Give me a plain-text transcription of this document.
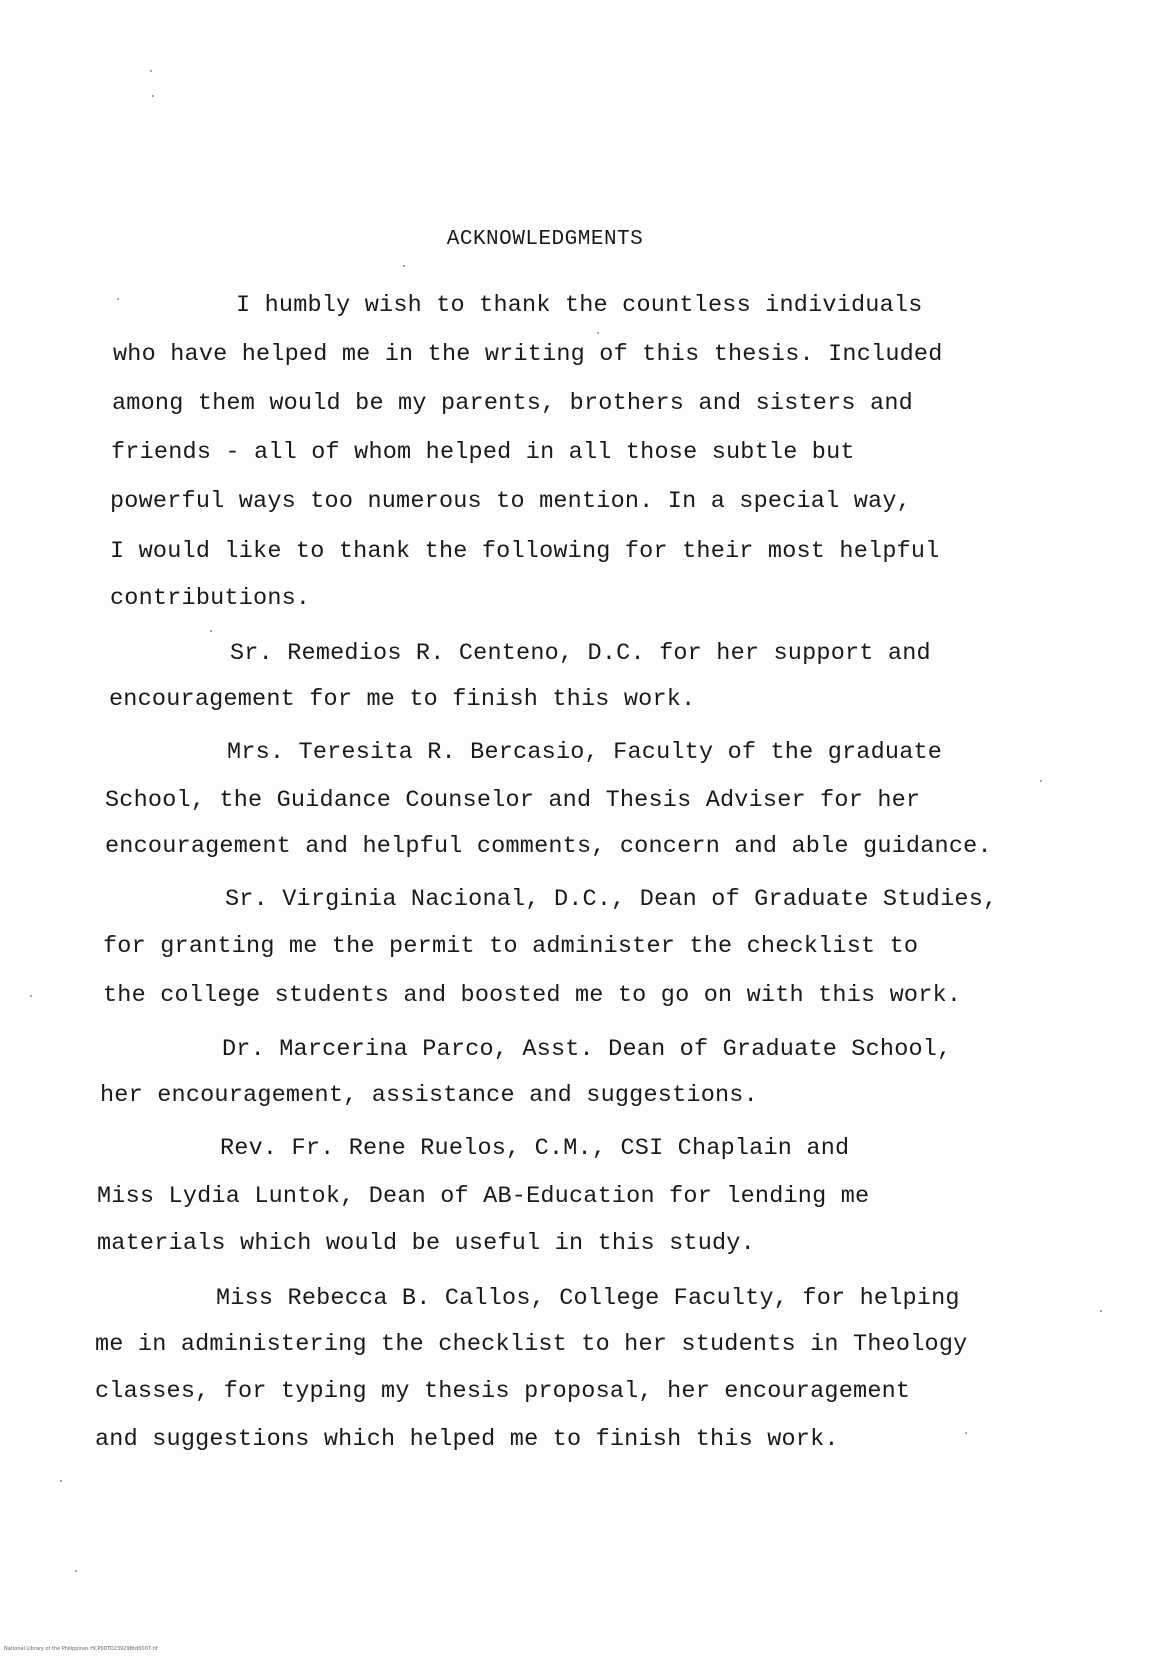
ACKNOWLEDGMENTS
I humbly wish to thank the countless individuals
who have helped me in the writing of this thesis. Included
among them would be my parents, brothers and sisters and
friends - all of whom helped in all those subtle but
powerful ways too numerous to mention. In a special way,
I would like to thank the following for their most helpful
contributions.
Sr. Remedios R. Centeno, D.C. for her support and
encouragement for me to finish this work.
Mrs. Teresita R. Bercasio, Faculty of the graduate
School, the Guidance Counselor and Thesis Adviser for her
encouragement and helpful comments, concern and able guidance.
Sr. Virginia Nacional, D.C., Dean of Graduate Studies,
for granting me the permit to administer the checklist to
the college students and boosted me to go on with this work.
Dr. Marcerina Parco, Asst. Dean of Graduate School,
her encouragement, assistance and suggestions.
Rev. Fr. Rene Ruelos, C.M., CSI Chaplain and
Miss Lydia Luntok, Dean of AB-Education for lending me
materials which would be useful in this study.
Miss Rebecca B. Callos, College Faculty, for helping
me in administering the checklist to her students in Theology
classes, for typing my thesis proposal, her encouragement
and suggestions which helped me to finish this work.
National Library of the Philippines HCP00TD23929Btd0007.tif
